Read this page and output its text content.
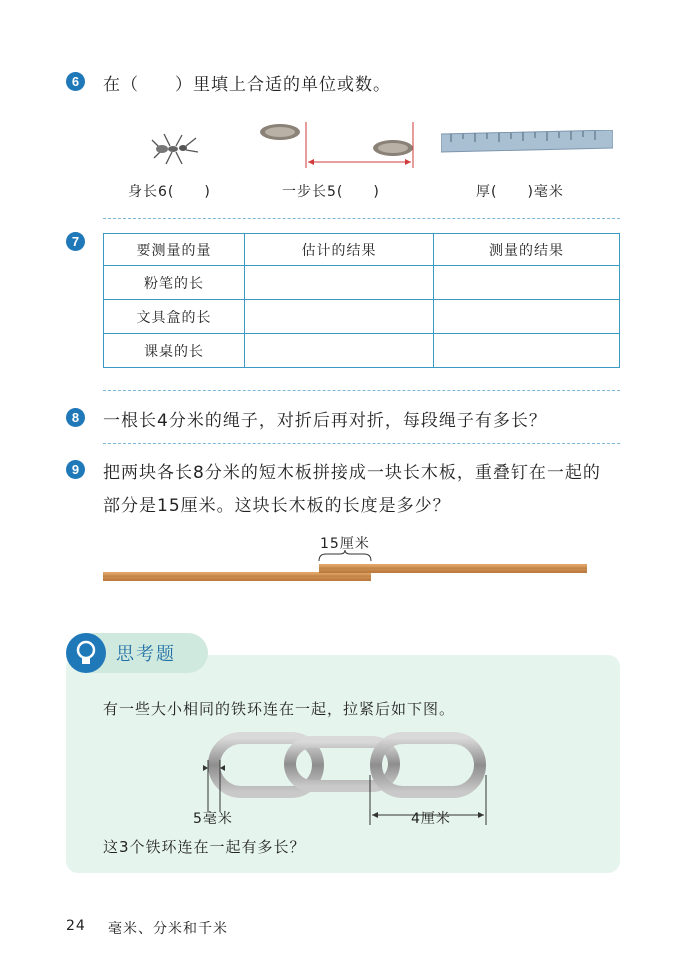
6	在（　　）里填上合适的单位或数。
身长6(　　)	一步长5(　　)	厚(　　)毫米
7
要测量的量	估计的结果	测量的结果
粉笔的长		
文具盒的长		
课桌的长		
8	一根长4分米的绳子，对折后再对折，每段绳子有多长？
9	把两块各长8分米的短木板拼接成一块长木板，重叠钉在一起的
部分是15厘米。这块长木板的长度是多少？
15厘米
思考题
有一些大小相同的铁环连在一起，拉紧后如下图。
5毫米	4厘米
这3个铁环连在一起有多长？
24 毫米、分米和千米
